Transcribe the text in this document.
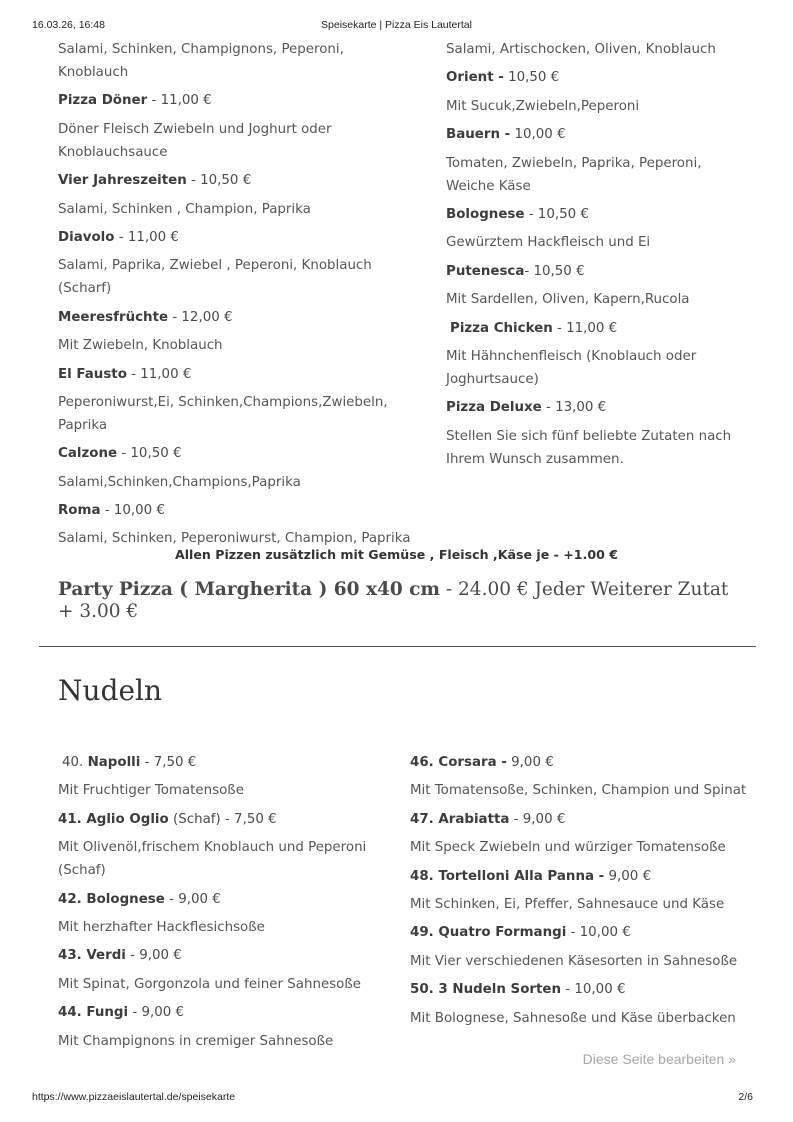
16.03.26, 16:48	Speisekarte | Pizza Eis Lautertal

Salami, Schinken, Champignons, Peperoni, Knoblauch

Pizza Döner - 11,00 €

Döner Fleisch Zwiebeln und Joghurt oder Knoblauchsauce

Vier Jahreszeiten - 10,50 €

Salami, Schinken , Champion, Paprika

Diavolo - 11,00 €

Salami, Paprika, Zwiebel , Peperoni, Knoblauch (Scharf)

Meeresfrüchte - 12,00 €

Mit Zwiebeln, Knoblauch

El Fausto - 11,00 €

Peperoniwurst,Ei, Schinken,Champions,Zwiebeln, Paprika

Calzone - 10,50 €

Salami,Schinken,Champions,Paprika

Roma - 10,00 €

Salami, Schinken, Peperoniwurst, Champion, Paprika

Salami, Artischocken, Oliven, Knoblauch

Orient - 10,50 €

Mit Sucuk,Zwiebeln,Peperoni

Bauern - 10,00 €

Tomaten, Zwiebeln, Paprika, Peperoni, Weiche Käse

Bolognese - 10,50 €

Gewürztem Hackfleisch und Ei

Putenesca- 10,50 €

Mit Sardellen, Oliven, Kapern,Rucola

Pizza Chicken - 11,00 €

Mit Hähnchenfleisch (Knoblauch oder Joghurtsauce)

Pizza Deluxe - 13,00 €

Stellen Sie sich fünf beliebte Zutaten nach Ihrem Wunsch zusammen.

Allen Pizzen zusätzlich mit Gemüse , Fleisch ,Käse je - +1.00 €
Party Pizza ( Margherita ) 60 x40 cm - 24.00 € Jeder Weiterer Zutat + 3.00 €
Nudeln

40. Napolli - 7,50 €

Mit Fruchtiger Tomatensoße

41. Aglio Oglio (Schaf) - 7,50 €

Mit Olivenöl,frischem Knoblauch und Peperoni (Schaf)

42. Bolognese - 9,00 €

Mit herzhafter Hackflesichsoße

43. Verdi - 9,00 €

Mit Spinat, Gorgonzola und feiner Sahnesoße

44. Fungi - 9,00 €

Mit Champignons in cremiger Sahnesoße

46. Corsara - 9,00 €

Mit Tomatensoße, Schinken, Champion und Spinat

47. Arabiatta - 9,00 €

Mit Speck Zwiebeln und würziger Tomatensoße

48. Tortelloni Alla Panna - 9,00 €

Mit Schinken, Ei, Pfeffer, Sahnesauce und Käse

49. Quatro Formangi - 10,00 €

Mit Vier verschiedenen Käsesorten in Sahnesoße

50. 3 Nudeln Sorten - 10,00 €

Mit Bolognese, Sahnesoße und Käse überbacken

Diese Seite bearbeiten »
https://www.pizzaeislautertal.de/speisekarte	2/6
